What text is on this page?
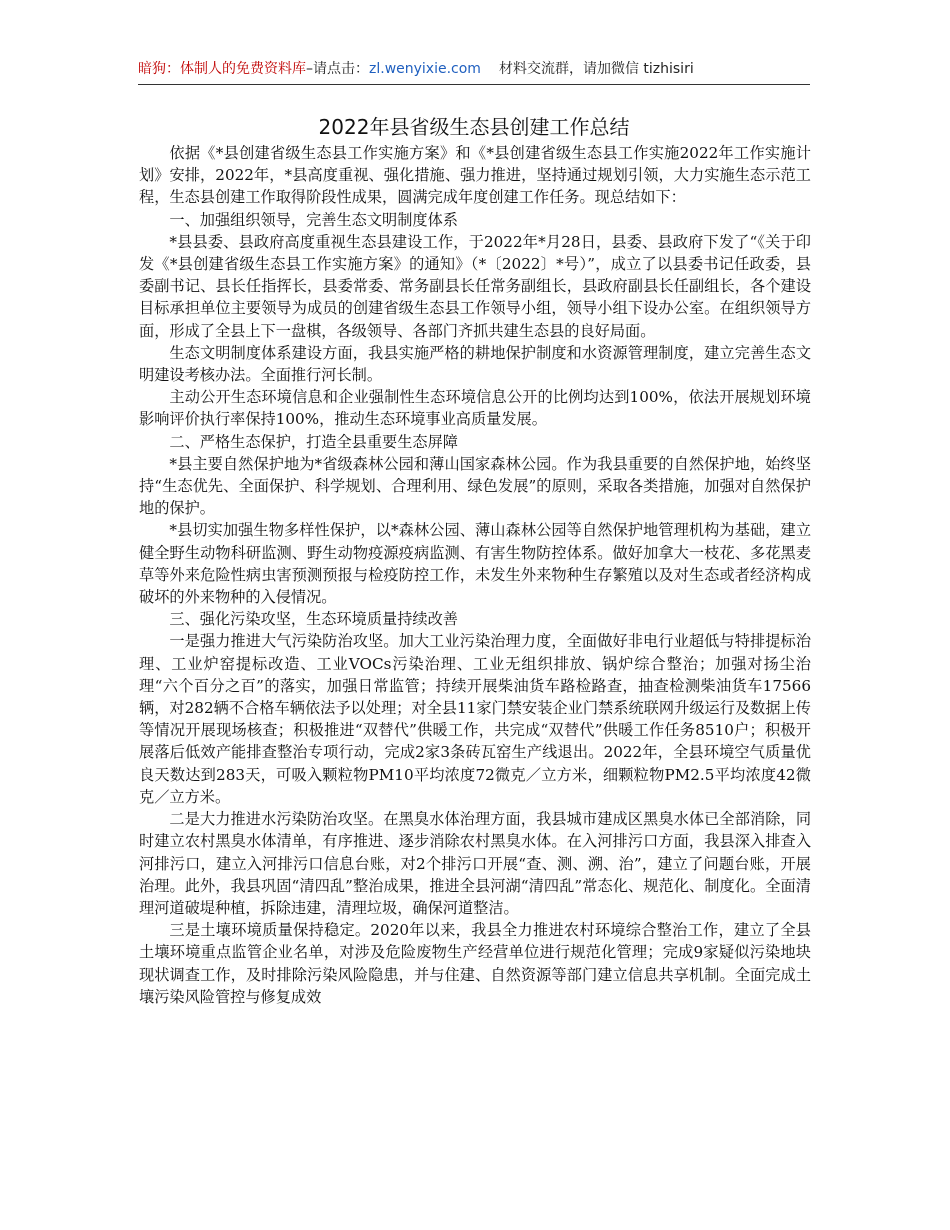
暗狗：体制人的免费资料库–请点击：zl.wenyixie.com 材料交流群，请加微信 tizhisiri
2022年县省级生态县创建工作总结

依据《*县创建省级生态县工作实施方案》和《*县创建省级生态县工作实施2022年工作实施计划》安排，2022年，*县高度重视、强化措施、强力推进，坚持通过规划引领，大力实施生态示范工程，生态县创建工作取得阶段性成果，圆满完成年度创建工作任务。现总结如下：

一、加强组织领导，完善生态文明制度体系

*县县委、县政府高度重视生态县建设工作，于2022年*月28日，县委、县政府下发了“《关于印发《*县创建省级生态县工作实施方案》的通知》（*〔2022〕*号）”，成立了以县委书记任政委，县委副书记、县长任指挥长，县委常委、常务副县长任常务副组长，县政府副县长任副组长，各个建设目标承担单位主要领导为成员的创建省级生态县工作领导小组，领导小组下设办公室。在组织领导方面，形成了全县上下一盘棋，各级领导、各部门齐抓共建生态县的良好局面。

生态文明制度体系建设方面，我县实施严格的耕地保护制度和水资源管理制度，建立完善生态文明建设考核办法。全面推行河长制。

主动公开生态环境信息和企业强制性生态环境信息公开的比例均达到100%，依法开展规划环境影响评价执行率保持100%，推动生态环境事业高质量发展。

二、严格生态保护，打造全县重要生态屏障

*县主要自然保护地为*省级森林公园和薄山国家森林公园。作为我县重要的自然保护地，始终坚持“生态优先、全面保护、科学规划、合理利用、绿色发展”的原则，采取各类措施，加强对自然保护地的保护。

*县切实加强生物多样性保护，以*森林公园、薄山森林公园等自然保护地管理机构为基础，建立健全野生动物科研监测、野生动物疫源疫病监测、有害生物防控体系。做好加拿大一枝花、多花黑麦草等外来危险性病虫害预测预报与检疫防控工作，未发生外来物种生存繁殖以及对生态或者经济构成破坏的外来物种的入侵情况。

三、强化污染攻坚，生态环境质量持续改善

一是强力推进大气污染防治攻坚。加大工业污染治理力度，全面做好非电行业超低与特排提标治理、工业炉窑提标改造、工业VOCs污染治理、工业无组织排放、锅炉综合整治；加强对扬尘治理“六个百分之百”的落实，加强日常监管；持续开展柴油货车路检路查，抽查检测柴油货车17566辆，对282辆不合格车辆依法予以处理；对全县11家门禁安装企业门禁系统联网升级运行及数据上传等情况开展现场核查；积极推进“双替代”供暖工作，共完成“双替代”供暖工作任务8510户；积极开展落后低效产能排查整治专项行动，完成2家3条砖瓦窑生产线退出。2022年，全县环境空气质量优良天数达到283天，可吸入颗粒物PM10平均浓度72微克／立方米，细颗粒物PM2.5平均浓度42微克／立方米。

二是大力推进水污染防治攻坚。在黑臭水体治理方面，我县城市建成区黑臭水体已全部消除，同时建立农村黑臭水体清单，有序推进、逐步消除农村黑臭水体。在入河排污口方面，我县深入排查入河排污口，建立入河排污口信息台账，对2个排污口开展“查、测、溯、治”，建立了问题台账，开展治理。此外，我县巩固“清四乱”整治成果，推进全县河湖“清四乱”常态化、规范化、制度化。全面清理河道破堤种植，拆除违建，清理垃圾，确保河道整洁。

三是土壤环境质量保持稳定。2020年以来，我县全力推进农村环境综合整治工作，建立了全县土壤环境重点监管企业名单，对涉及危险废物生产经营单位进行规范化管理；完成9家疑似污染地块现状调查工作，及时排除污染风险隐患，并与住建、自然资源等部门建立信息共享机制。全面完成土壤污染风险管控与修复成效
